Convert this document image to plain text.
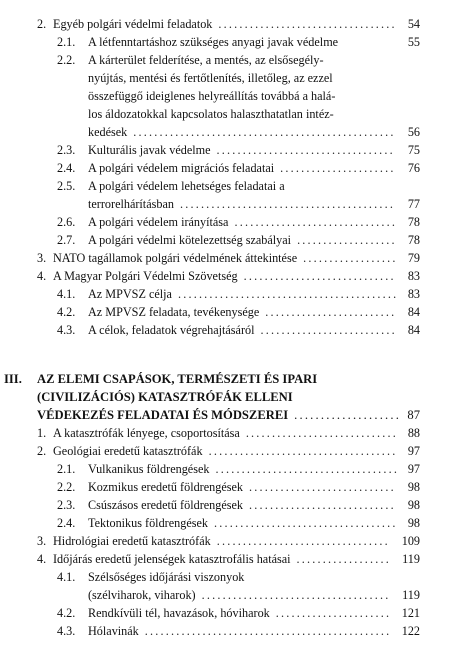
2. Egyéb polgári védelmi feladatok .................................. 54
2.1. A létfenntartáshoz szükséges anyagi javak védelme	55
2.2. A kárterület felderítése, a mentés, az elsősegély-
nyújtás, mentési és fertőtlenítés, illetőleg, az ezzel
összefüggő ideiglenes helyreállítás továbbá a halá-
los áldozatokkal kapcsolatos halaszthatatlan intéz-
kedések ..................................................	56
2.3. Kulturális javak védelme ..................................	75
2.4. A polgári védelem migrációs feladatai ......................	76
2.5. A polgári védelem lehetséges feladatai a
terrorelhárításban .........................................	77
2.6. A polgári védelem irányítása ............................... 78
2.7. A polgári védelmi kötelezettség szabályai ................... 78
3. NATO tagállamok polgári védelmének áttekintése .................. 79
4. A Magyar Polgári Védelmi Szövetség ............................. 83
4.1. Az MPVSZ célja .......................................... 83
4.2. Az MPVSZ feladata, tevékenysége ......................... 84
4.3. A célok, feladatok végrehajtásáról .......................... 84
III. AZ ELEMI CSAPÁSOK, TERMÉSZETI ÉS IPARI
(CIVILIZÁCIÓS) KATASZTRÓFÁK ELLENI
VÉDEKEZÉS FELADATAI ÉS MÓDSZEREI .................... 87
1. A katasztrófák lényege, csoportosítása ............................. 88
2. Geológiai eredetű katasztrófák .................................... 97
2.1. Vulkanikus földrengések ................................... 97
2.2. Kozmikus eredetű földrengések ............................ 98
2.3. Csúszásos eredetű földrengések ............................ 98
2.4. Tektonikus földrengések ................................... 98
3. Hidrológiai eredetű katasztrófák ................................. 109
4. Időjárás eredetű jelenségek katasztrofális hatásai .................. 119
4.1. Szélsőséges időjárási viszonyok
(szélviharok, viharok) .................................... 119
4.2. Rendkívüli tél, havazások, hóviharok ...................... 121
4.3. Hólavinák ............................................... 122
